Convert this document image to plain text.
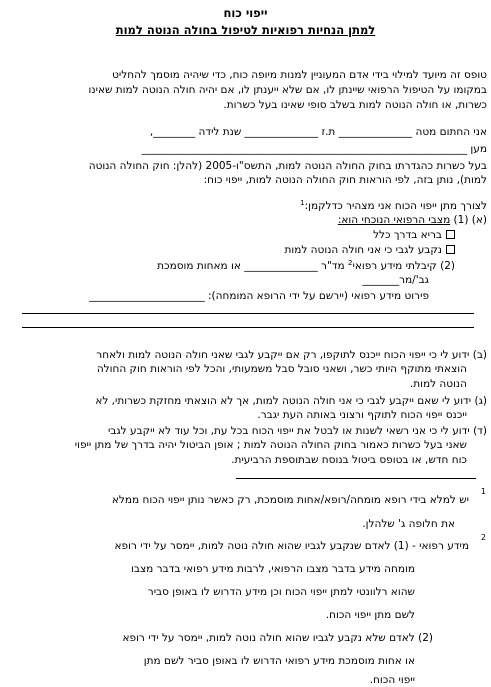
ייפוי כוח
למתן הנחיות רפואיות לטיפול בחולה הנוטה למות
טופס זה מיועד למילוי בידי אדם המעוניין למנות מיופה כוח, כדי שיהיה מוסמך להחליט
במקומו על הטיפול הרפואי שיינתן לו, אם שלא ייענתן לו, אם יהיה חולה הנוטה למות שאינו
כשרות, או חולה הנוטה למות בשלב סופי שאינו בעל כשרות.
אני החתום מטה ______________ ת.ז ______________ שנת לידה ________,
מען ______________________________________________________________
בעל כשרות כהגדרתו בחוק החולה הנוטה למות, התשס"ו-2005 (להלן: חוק החולה הנוטה
למות), נותן בזה, לפי הוראות חוק החולה הנוטה למות, ייפוי כוח:
לצורך מתן ייפוי הכוח אני מצהיר כדלקמן:$^1$
(א) (1) מצבי הרפואי הנוכחי הוא:
בריא בדרך כלל
נקבע לגבי כי אני חולה הנוטה למות
(2) קיבלתי מידע רפואי$^2$ מד"ר ______________ או מאחות מוסמכת
גב'/מר_______
פירוט מידע רפואי (יירשם על ידי הרופא המומחה): ______________________
(ב) ידוע לי כי ייפוי הכוח ייכנס לתוקפו, רק אם ייקבע לגבי שאני חולה הנוטה למות ולאחר
הוצאתי מתוקף היותי כשר, ושאני סובל סבל משמעותי, והכל לפי הוראות חוק החולה
הנוטה למות.
(ג) ידוע לי שאם ייקבע לגבי כי אני חולה הנוטה למות, אך לא הוצאתי מחזקת כשרותי, לא
ייכנס ייפוי הכוח לתוקף ורצוני באותה העת יגבר.
(ד) ידוע לי כי אני רשאי לשנות או לבטל את ייפוי הכוח בכל עת, וכל עוד לא ייקבע לגבי
שאני בעל כשרות כאמור בחוק החולה הנוטה למות ; אופן הביטול יהיה בדרך של מתן ייפוי
כוח חדש, או בטופס ביטול בנוסח שבתוספת הרביעית.
1
יש למלא בידי רופא מומחה/רופא/אחות מוסמכת, רק כאשר נותן ייפוי הכוח ממלא
את חלופה ג' שלהלן.
2
מידע רפואי - (1) לאדם שנקבע לגביו שהוא חולה נוטה למות, יימסר על ידי רופא
מומחה מידע בדבר מצבו הרפואי, לרבות מידע רפואי בדבר מצבו
שהוא רלוונטי למתן ייפוי הכוח וכן מידע הדרוש לו באופן סביר
לשם מתן ייפוי הכוח.
(2) לאדם שלא נקבע לגביו שהוא חולה נוטה למות, יימסר על ידי רופא
או אחות מוסמכת מידע רפואי הדרוש לו באופן סביר לשם מתן
ייפוי הכוח.
